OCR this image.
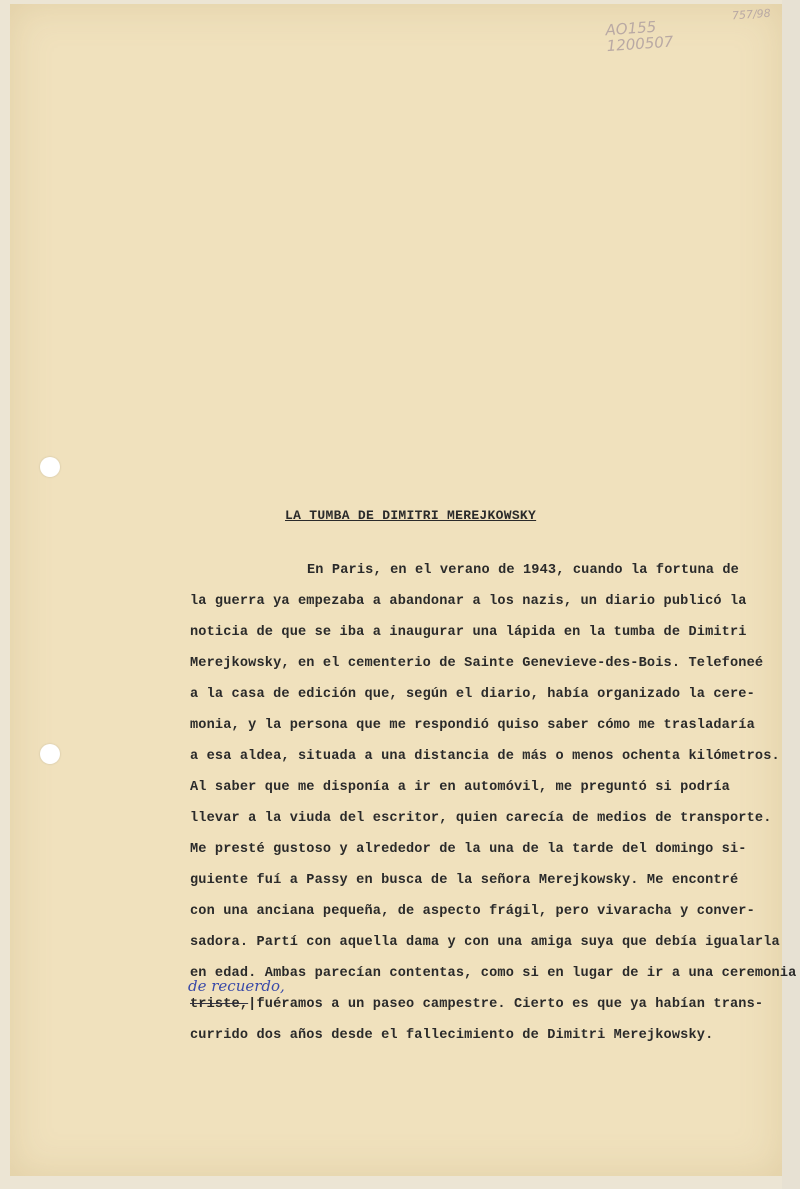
AO155 1200507
757/98
LA TUMBA DE DIMITRI MEREJKOWSKY
En Paris, en el verano de 1943, cuando la fortuna de
la guerra ya empezaba a abandonar a los nazis, un diario publicó la
noticia de que se iba a inaugurar una lápida en la tumba de Dimitri
Merejkowsky, en el cementerio de Sainte Genevieve-des-Bois. Telefoneé
a la casa de edición que, según el diario, había organizado la cere-
monia, y la persona que me respondió quiso saber cómo me trasladaría
a esa aldea, situada a una distancia de más o menos ochenta kilómetros.
Al saber que me disponía a ir en automóvil, me preguntó si podría
llevar a la viuda del escritor, quien carecía de medios de transporte.
Me presté gustoso y alrededor de la una de la tarde del domingo si-
guiente fuí a Passy en busca de la señora Merejkowsky. Me encontré
con una anciana pequeña, de aspecto frágil, pero vivaracha y conver-
sadora. Partí con aquella dama y con una amiga suya que debía igualarla
en edad. Ambas parecían contentas, como si en lugar de ir a una ceremonia
de recuerdo,
triste,|fuéramos a un paseo campestre. Cierto es que ya habían trans-
currido dos años desde el fallecimiento de Dimitri Merejkowsky.
